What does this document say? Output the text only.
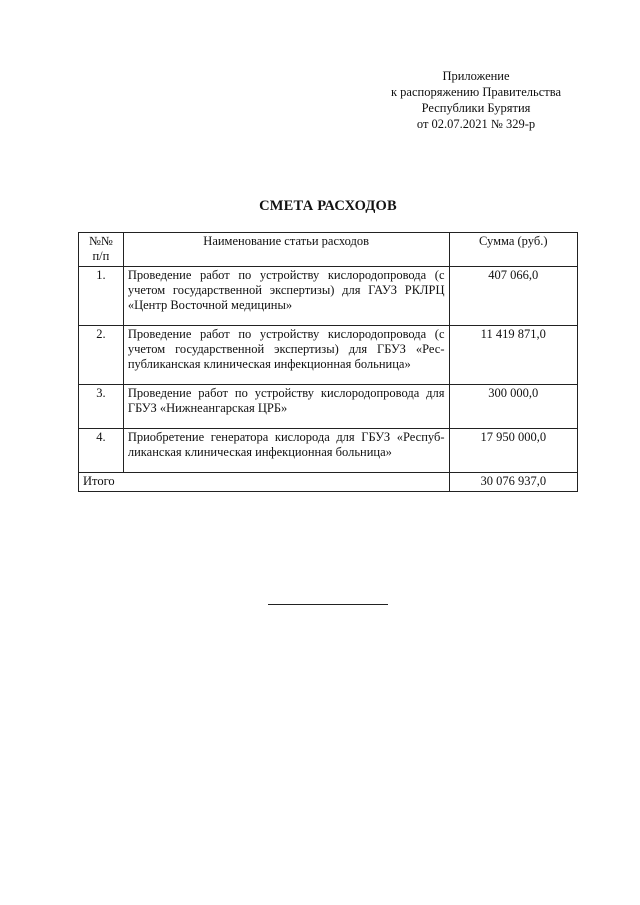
Приложение
к распоряжению Правительства
Республики Бурятия
от 02.07.2021 № 329-р
СМЕТА РАСХОДОВ
№№ п/п	Наименование статьи расходов	Сумма (руб.)
1.	Проведение работ по устройству кислородопровода (с учетом государственной экспертизы) для ГАУЗ РКЛРЦ «Центр Восточной медицины»	407 066,0
2.	Проведение работ по устройству кислородопровода (с учетом государственной экспертизы) для ГБУЗ «Рес-публиканская клиническая инфекционная больница»	11 419 871,0
3.	Проведение работ по устройству кислородопровода для ГБУЗ «Нижнеангарская ЦРБ»	300 000,0
4.	Приобретение генератора кислорода для ГБУЗ «Респуб-ликанская клиническая инфекционная больница»	17 950 000,0
Итого		30 076 937,0
